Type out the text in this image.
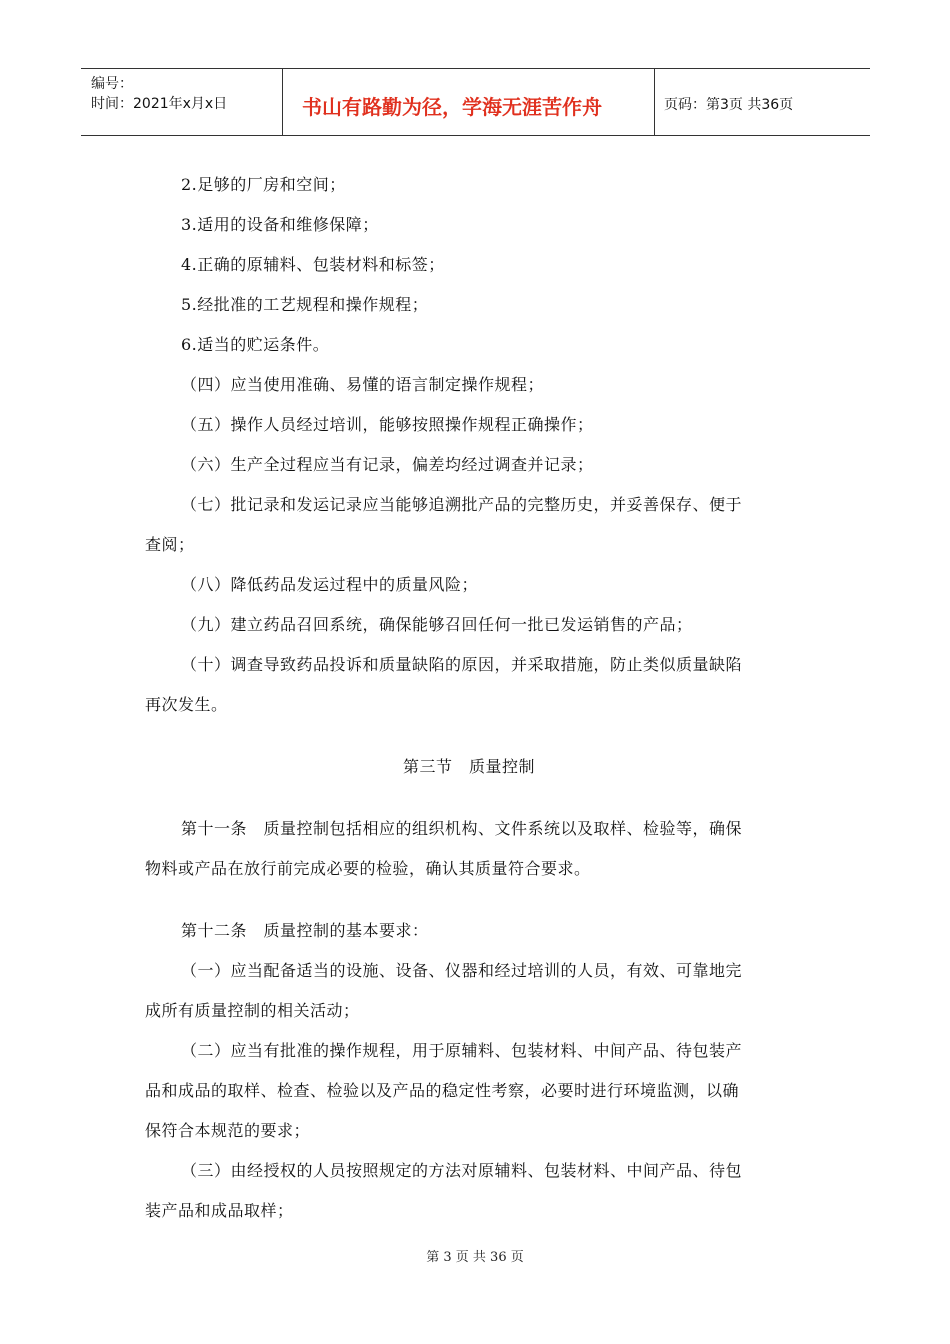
编号：
时间：2021年x月x日	书山有路勤为径，学海无涯苦作舟	页码：第3页 共36页
2.足够的厂房和空间；
3.适用的设备和维修保障；
4.正确的原辅料、包装材料和标签；
5.经批准的工艺规程和操作规程；
6.适当的贮运条件。
（四）应当使用准确、易懂的语言制定操作规程；
（五）操作人员经过培训，能够按照操作规程正确操作；
（六）生产全过程应当有记录，偏差均经过调查并记录；
（七）批记录和发运记录应当能够追溯批产品的完整历史，并妥善保存、便于
查阅；
（八）降低药品发运过程中的质量风险；
（九）建立药品召回系统，确保能够召回任何一批已发运销售的产品；
（十）调查导致药品投诉和质量缺陷的原因，并采取措施，防止类似质量缺陷
再次发生。
第三节　质量控制
第十一条　质量控制包括相应的组织机构、文件系统以及取样、检验等，确保
物料或产品在放行前完成必要的检验，确认其质量符合要求。
第十二条　质量控制的基本要求：
（一）应当配备适当的设施、设备、仪器和经过培训的人员，有效、可靠地完
成所有质量控制的相关活动；
（二）应当有批准的操作规程，用于原辅料、包装材料、中间产品、待包装产
品和成品的取样、检查、检验以及产品的稳定性考察，必要时进行环境监测，以确
保符合本规范的要求；
（三）由经授权的人员按照规定的方法对原辅料、包装材料、中间产品、待包
装产品和成品取样；
第 3 页 共 36 页
